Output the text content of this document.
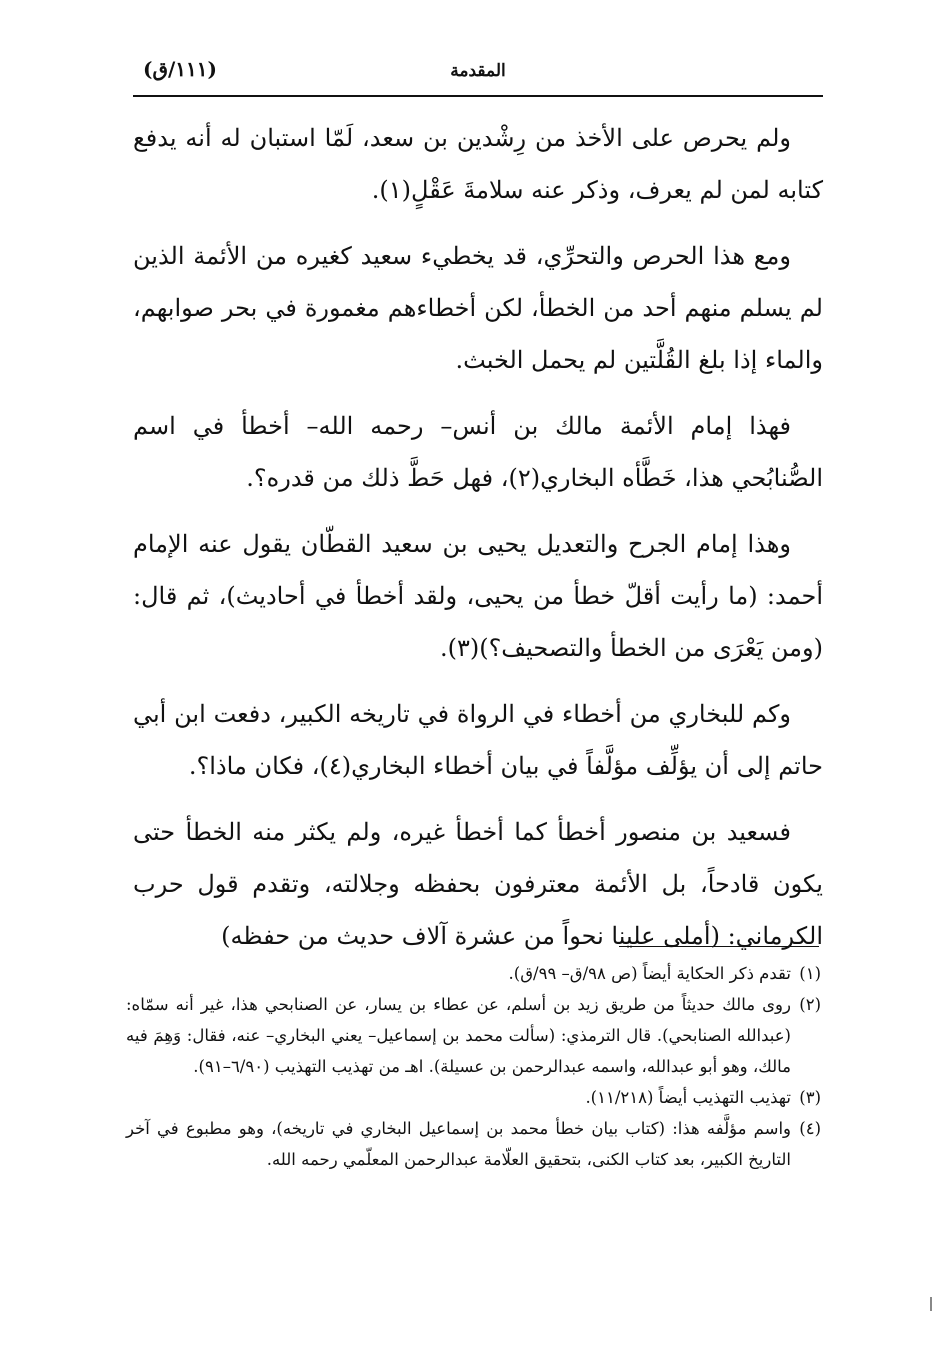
(١١١/ق)	المقدمة

ولم يحرص على الأخذ من رِشْدين بن سعد، لَمّا استبان له أنه يدفع كتابه لمن لم يعرف، وذكر عنه سلامةَ عَقْلٍ(١).

ومع هذا الحرص والتحرِّي، قد يخطيء سعيد كغيره من الأئمة الذين لم يسلم منهم أحد من الخطأ، لكن أخطاءهم مغمورة في بحر صوابهم، والماء إذا بلغ القُلَّتين لم يحمل الخبث.

فهذا إمام الأئمة مالك بن أنس– رحمه الله– أخطأ في اسم الصُّنابُحي هذا، خَطَّأه البخاري(٢)، فهل حَطَّ ذلك من قدره؟.

وهذا إمام الجرح والتعديل يحيى بن سعيد القطّان يقول عنه الإمام أحمد: (ما رأيت أقلّ خطأ من يحيى، ولقد أخطأ في أحاديث)، ثم قال: (ومن يَعْرَى من الخطأ والتصحيف؟)(٣).

وكم للبخاري من أخطاء في الرواة في تاريخه الكبير، دفعت ابن أبي حاتم إلى أن يؤلِّف مؤلَّفاً في بيان أخطاء البخاري(٤)، فكان ماذا؟.

فسعيد بن منصور أخطأ كما أخطأ غيره، ولم يكثر منه الخطأ حتى يكون قادحاً، بل الأئمة معترفون بحفظه وجلالته، وتقدم قول حرب الكرماني: (أملى علينا نحواً من عشرة آلاف حديث من حفظه)

(١)
تقدم ذكر الحكاية أيضاً (ص ٩٨/ق– ٩٩/ق).

(٢)
روى مالك حديثاً من طريق زيد بن أسلم، عن عطاء بن يسار، عن الصنابحي هذا، غير أنه سمّاه: (عبدالله الصنابحي). قال الترمذي: (سألت محمد بن إسماعيل– يعني البخاري– عنه، فقال: وَهِمَ فيه مالك، وهو أبو عبدالله، واسمه عبدالرحمن بن عسيلة). اهـ من تهذيب التهذيب (٦/٩٠–٩١).

(٣)
تهذيب التهذيب أيضاً (١١/٢١٨).

(٤)
واسم مؤلَّفه هذا: (كتاب بيان خطأ محمد بن إسماعيل البخاري في تاريخه)، وهو مطبوع في آخر التاريخ الكبير، بعد كتاب الكنى، بتحقيق العلّامة عبدالرحمن المعلّمي رحمه الله.
